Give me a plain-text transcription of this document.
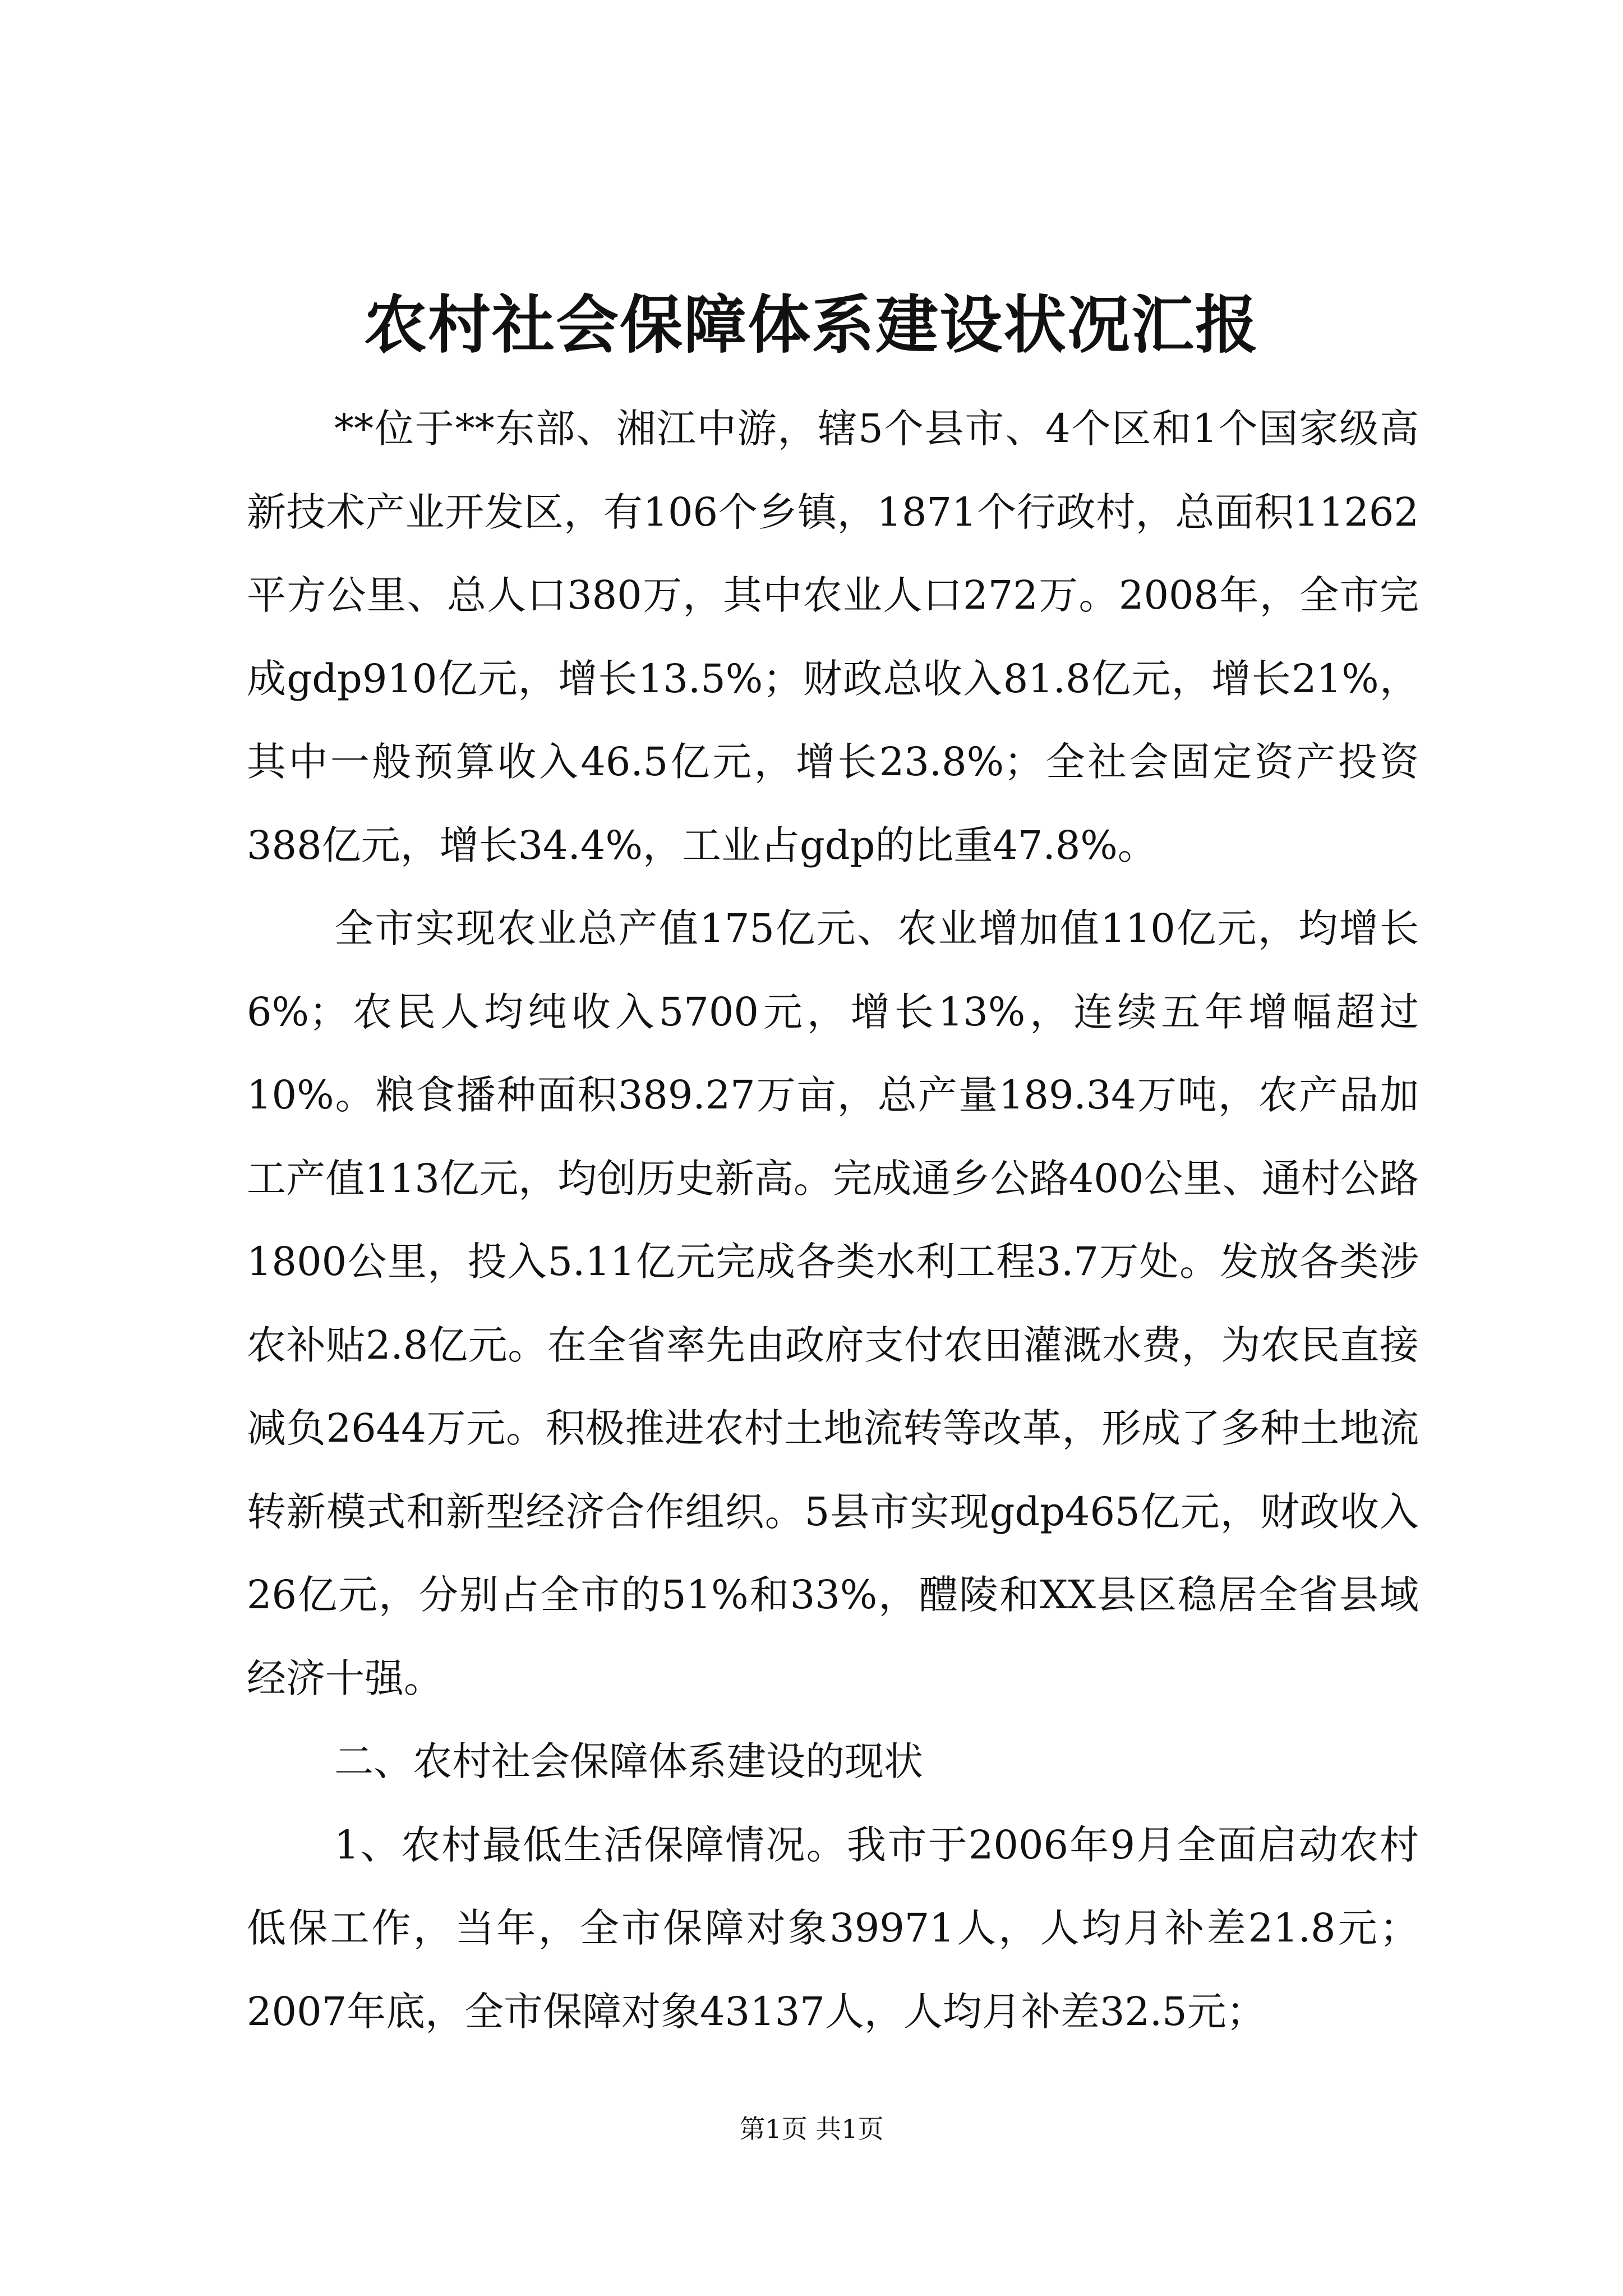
农村社会保障体系建设状况汇报

**位于**东部、湘江中游，辖5个县市、4个区和1个国家级高新技术产业开发区，有106个乡镇，1871个行政村，总面积11262平方公里、总人口380万，其中农业人口272万。2008年，全市完成gdp910亿元，增长13.5%；财政总收入81.8亿元，增长21%，其中一般预算收入46.5亿元，增长23.8%；全社会固定资产投资388亿元，增长34.4%，工业占gdp的比重47.8%。

全市实现农业总产值175亿元、农业增加值110亿元，均增长6%；农民人均纯收入5700元，增长13%，连续五年增幅超过10%。粮食播种面积389.27万亩，总产量189.34万吨，农产品加工产值113亿元，均创历史新高。完成通乡公路400公里、通村公路1800公里，投入5.11亿元完成各类水利工程3.7万处。发放各类涉农补贴2.8亿元。在全省率先由政府支付农田灌溉水费，为农民直接减负2644万元。积极推进农村土地流转等改革，形成了多种土地流转新模式和新型经济合作组织。5县市实现gdp465亿元，财政收入26亿元，分别占全市的51%和33%，醴陵和XX县区稳居全省县域经济十强。

二、农村社会保障体系建设的现状

1、农村最低生活保障情况。我市于2006年9月全面启动农村低保工作，当年，全市保障对象39971人，人均月补差21.8元；2007年底，全市保障对象43137人，人均月补差32.5元；

第1页 共1页
